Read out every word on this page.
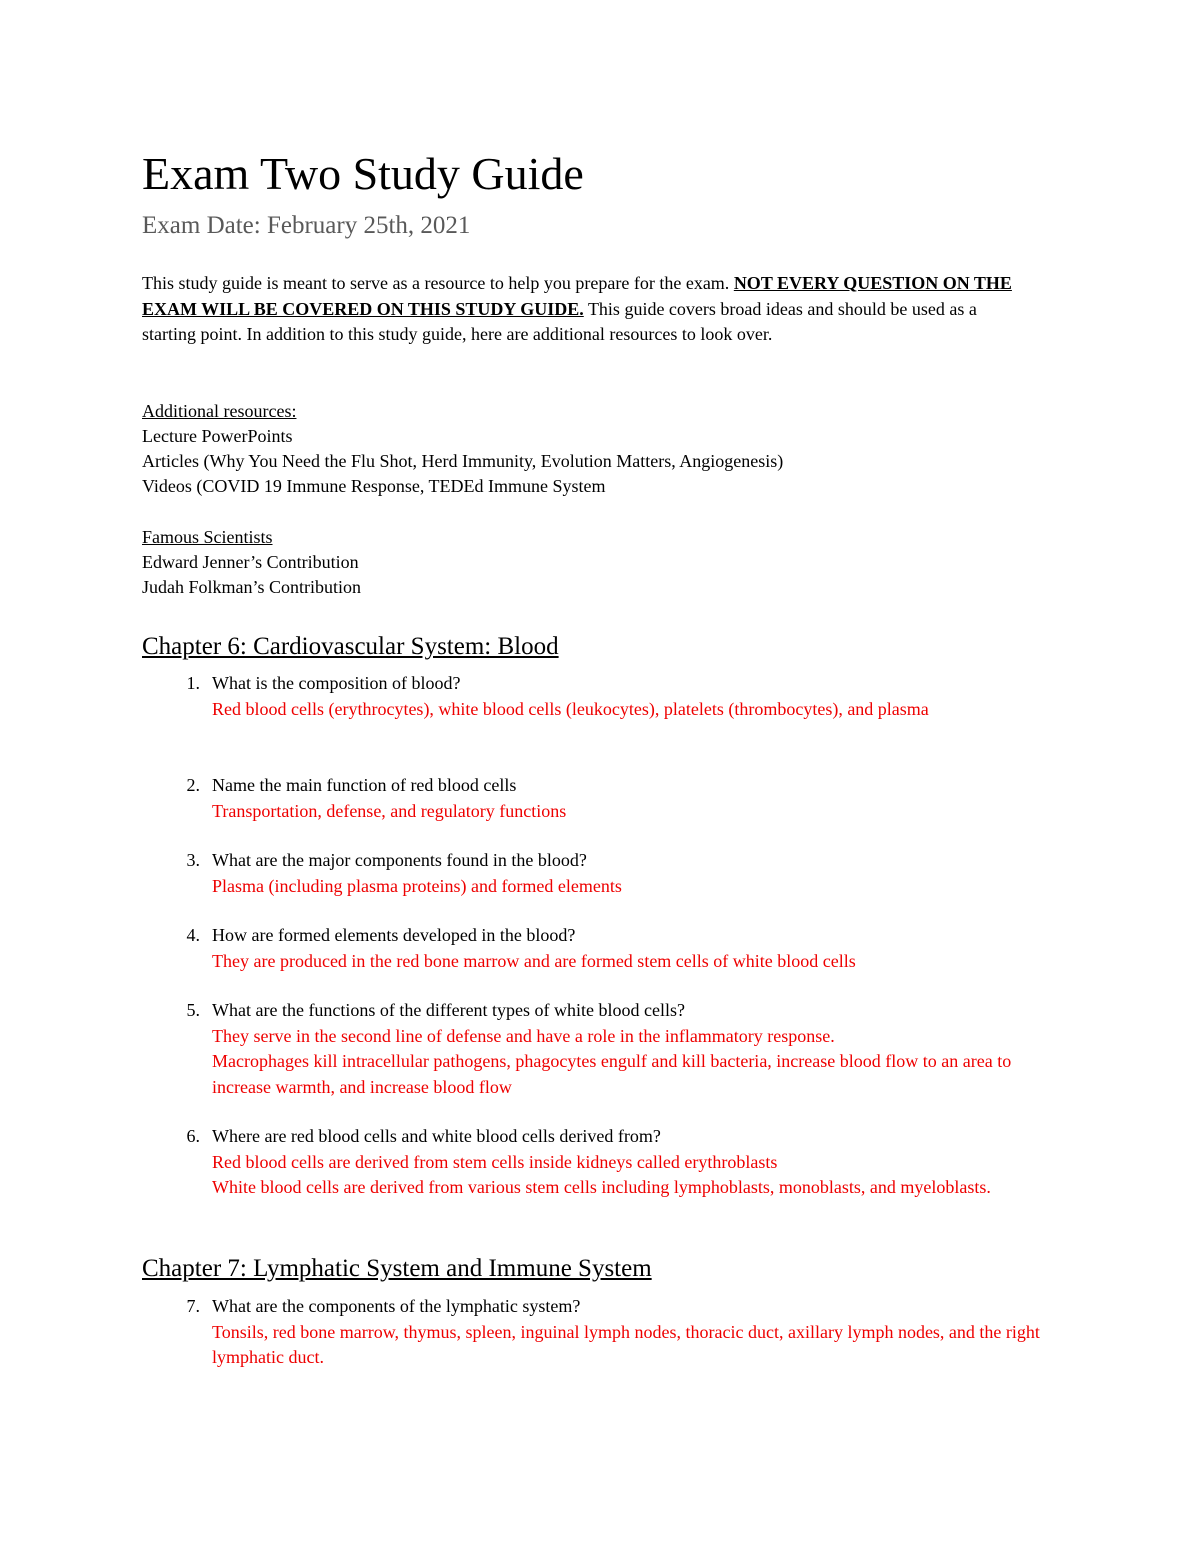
Exam Two Study Guide
Exam Date: February 25th, 2021
This study guide is meant to serve as a resource to help you prepare for the exam. NOT EVERY QUESTION ON THE EXAM WILL BE COVERED ON THIS STUDY GUIDE. This guide covers broad ideas and should be used as a starting point. In addition to this study guide, here are additional resources to look over.
Additional resources:
Lecture PowerPoints
Articles (Why You Need the Flu Shot, Herd Immunity, Evolution Matters, Angiogenesis)
Videos (COVID 19 Immune Response, TEDEd Immune System
Famous Scientists
Edward Jenner’s Contribution
Judah Folkman’s Contribution
Chapter 6: Cardiovascular System: Blood
1. What is the composition of blood?
Red blood cells (erythrocytes), white blood cells (leukocytes), platelets (thrombocytes), and plasma
2. Name the main function of red blood cells
Transportation, defense, and regulatory functions
3. What are the major components found in the blood?
Plasma (including plasma proteins) and formed elements
4. How are formed elements developed in the blood?
They are produced in the red bone marrow and are formed stem cells of white blood cells
5. What are the functions of the different types of white blood cells?
They serve in the second line of defense and have a role in the inflammatory response.
Macrophages kill intracellular pathogens, phagocytes engulf and kill bacteria, increase blood flow to an area to increase warmth, and increase blood flow
6. Where are red blood cells and white blood cells derived from?
Red blood cells are derived from stem cells inside kidneys called erythroblasts
White blood cells are derived from various stem cells including lymphoblasts, monoblasts, and myeloblasts.
Chapter 7: Lymphatic System and Immune System
7. What are the components of the lymphatic system?
Tonsils, red bone marrow, thymus, spleen, inguinal lymph nodes, thoracic duct, axillary lymph nodes, and the right lymphatic duct.
